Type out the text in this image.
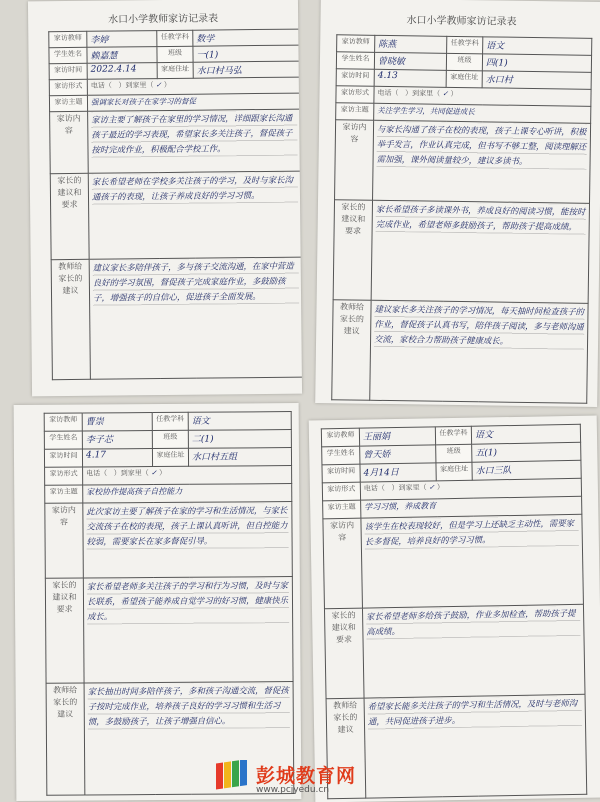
水口小学教师家访记录表
家访教师	李婷	任教学科	数学
学生姓名	赖嘉慧	班级	一(1)
家访时间	2022.4.14	家庭住址	水口村马弘
家访形式	电话（ ）到家里（ ✓ ）		
家访主题	强调家长对孩子在家学习的督促		
家访内容	家访主要了解孩子在家里的学习情况，详细跟家长沟通孩子最近的学习表现，希望家长多关注孩子，督促孩子按时完成作业，积极配合学校工作。		

家长的建议和要求	家长希望老师在学校多关注孩子的学习，及时与家长沟通孩子的表现，让孩子养成良好的学习习惯。		

教师给家长的建议	建议家长多陪伴孩子，多与孩子交流沟通，在家中营造良好的学习氛围，督促孩子完成家庭作业，多鼓励孩子，增强孩子的自信心，促进孩子全面发展。		
水口小学教师家访记录表
家访教师	陈燕	任教学科	语文
学生姓名	曾晓敏	班级	四(1)
家访时间	4.13	家庭住址	水口村
家访形式	电话（ ）到家里（ ✓ ）		
家访主题	关注学生学习，共同促进成长		
家访内容	与家长沟通了孩子在校的表现，孩子上课专心听讲，积极举手发言，作业认真完成，但书写不够工整，阅读理解还需加强，课外阅读量较少，建议多读书。		

家长的建议和要求	家长希望孩子多读课外书，养成良好的阅读习惯，能按时完成作业，希望老师多鼓励孩子，帮助孩子提高成绩。		

教师给家长的建议	建议家长多关注孩子的学习情况，每天抽时间检查孩子的作业，督促孩子认真书写，陪伴孩子阅读，多与老师沟通交流，家校合力帮助孩子健康成长。		
家访教师	曹崇	任教学科	语文
学生姓名	李子芯	班级	二(1)
家访时间	4.17	家庭住址	水口村五组
家访形式	电话（ ）到家里（ ✓ ）		
家访主题	家校协作提高孩子自控能力		
家访内容	此次家访主要了解孩子在家的学习和生活情况，与家长交流孩子在校的表现，孩子上课认真听讲，但自控能力较弱，需要家长在家多督促引导。		

家长的建议和要求	家长希望老师多关注孩子的学习和行为习惯，及时与家长联系，希望孩子能养成自觉学习的好习惯，健康快乐成长。		

教师给家长的建议	家长抽出时间多陪伴孩子，多和孩子沟通交流，督促孩子按时完成作业，培养孩子良好的学习习惯和生活习惯，多鼓励孩子，让孩子增强自信心。		
家访教师	王丽娟	任教学科	语文
学生姓名	曾天娇	班级	五(1)
家访时间	4月14日	家庭住址	水口三队
家访形式	电话（ ）到家里（ ✓ ）		
家访主题	学习习惯，养成教育		
家访内容	该学生在校表现较好，但是学习上还缺乏主动性，需要家长多督促，培养良好的学习习惯。		

家长的建议和要求	家长希望老师多给孩子鼓励，作业多加检查，帮助孩子提高成绩。		

教师给家长的建议	希望家长能多关注孩子的学习和生活情况，及时与老师沟通，共同促进孩子进步。		
彭城教育网
www.pcjyedu.cn
